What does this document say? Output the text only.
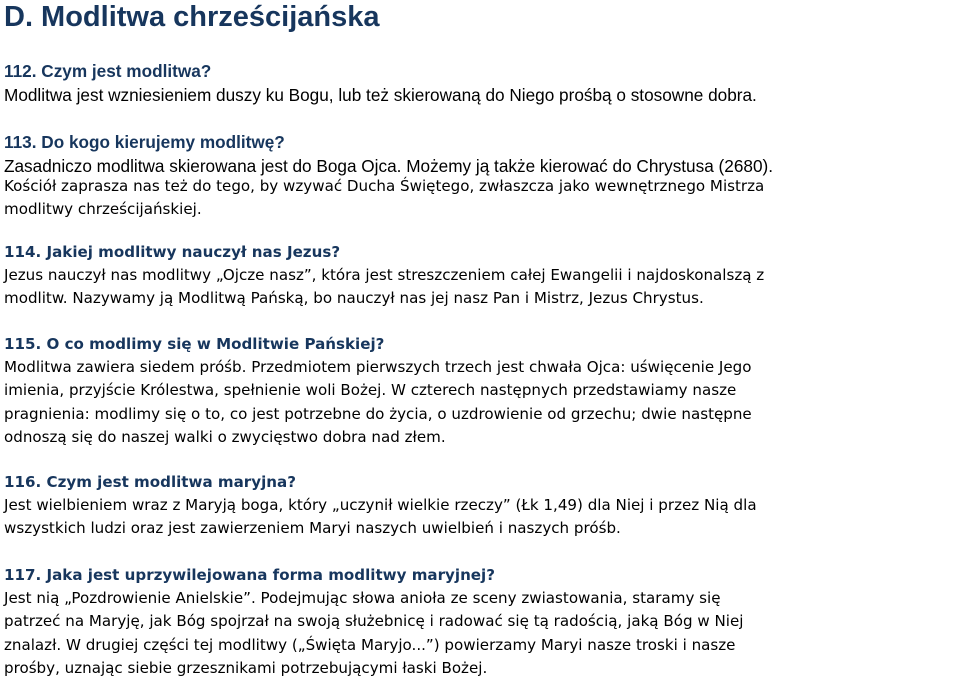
D. Modlitwa chrześcijańska
112. Czym jest modlitwa?
Modlitwa jest wzniesieniem duszy ku Bogu, lub też skierowaną do Niego prośbą o stosowne dobra.
113. Do kogo kierujemy modlitwę?
Zasadniczo modlitwa skierowana jest do Boga Ojca. Możemy ją także kierować do Chrystusa (2680).
Kościół zaprasza nas też do tego, by wzywać Ducha Świętego, zwłaszcza jako wewnętrznego Mistrza
modlitwy chrześcijańskiej.
114. Jakiej modlitwy nauczył nas Jezus?
Jezus nauczył nas modlitwy „Ojcze nasz”, która jest streszczeniem całej Ewangelii i najdoskonalszą z
modlitw. Nazywamy ją Modlitwą Pańską, bo nauczył nas jej nasz Pan i Mistrz, Jezus Chrystus.
115. O co modlimy się w Modlitwie Pańskiej?
Modlitwa zawiera siedem próśb. Przedmiotem pierwszych trzech jest chwała Ojca: uświęcenie Jego
imienia, przyjście Królestwa, spełnienie woli Bożej. W czterech następnych przedstawiamy nasze
pragnienia: modlimy się o to, co jest potrzebne do życia, o uzdrowienie od grzechu; dwie następne
odnoszą się do naszej walki o zwycięstwo dobra nad złem.
116. Czym jest modlitwa maryjna?
Jest wielbieniem wraz z Maryją boga, który „uczynił wielkie rzeczy” (Łk 1,49) dla Niej i przez Nią dla
wszystkich ludzi oraz jest zawierzeniem Maryi naszych uwielbień i naszych próśb.
117. Jaka jest uprzywilejowana forma modlitwy maryjnej?
Jest nią „Pozdrowienie Anielskie”. Podejmując słowa anioła ze sceny zwiastowania, staramy się
patrzeć na Maryję, jak Bóg spojrzał na swoją służebnicę i radować się tą radością, jaką Bóg w Niej
znalazł. W drugiej części tej modlitwy („Święta Maryjo...”) powierzamy Maryi nasze troski i nasze
prośby, uznając siebie grzesznikami potrzebującymi łaski Bożej.
